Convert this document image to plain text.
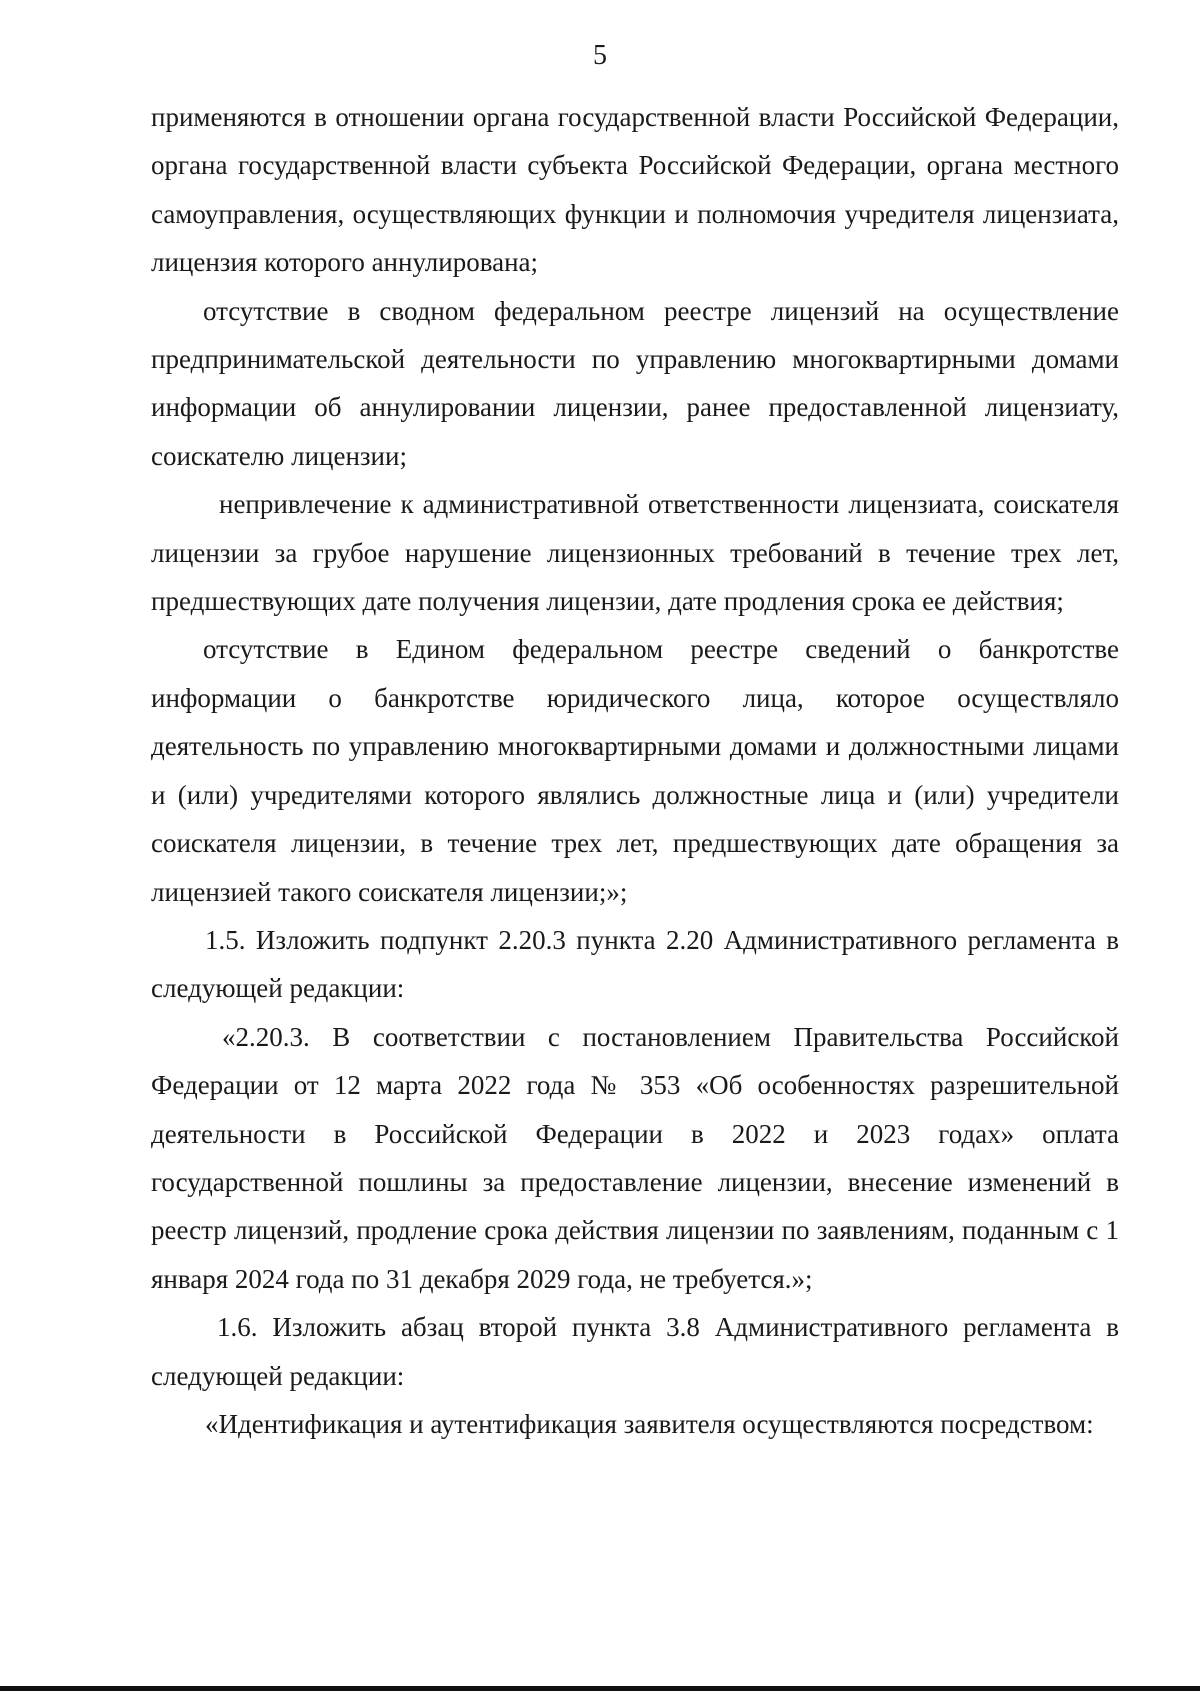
5

применяются в отношении органа государственной власти Российской Федерации, органа государственной власти субъекта Российской Федерации, органа местного самоуправления, осуществляющих функции и полномочия учредителя лицензиата, лицензия которого аннулирована;

отсутствие в сводном федеральном реестре лицензий на осуществление предпринимательской деятельности по управлению многоквартирными домами информации об аннулировании лицензии, ранее предоставленной лицензиату, соискателю лицензии;

непривлечение к административной ответственности лицензиата, соискателя лицензии за грубое нарушение лицензионных требований в течение трех лет, предшествующих дате получения лицензии, дате продления срока ее действия;

отсутствие в Едином федеральном реестре сведений о банкротстве информации о банкротстве юридического лица, которое осуществляло деятельность по управлению многоквартирными домами и должностными лицами и (или) учредителями которого являлись должностные лица и (или) учредители соискателя лицензии, в течение трех лет, предшествующих дате обращения за лицензией такого соискателя лицензии;»;

1.5. Изложить подпункт 2.20.3 пункта 2.20 Административного регламента в следующей редакции:

«2.20.3. В соответствии с постановлением Правительства Российской Федерации от 12 марта 2022 года № 353 «Об особенностях разрешительной деятельности в Российской Федерации в 2022 и 2023 годах» оплата государственной пошлины за предоставление лицензии, внесение изменений в реестр лицензий, продление срока действия лицензии по заявлениям, поданным с 1 января 2024 года по 31 декабря 2029 года, не требуется.»;

1.6. Изложить абзац второй пункта 3.8 Административного регламента в следующей редакции:

«Идентификация и аутентификация заявителя осуществляются посредством:
